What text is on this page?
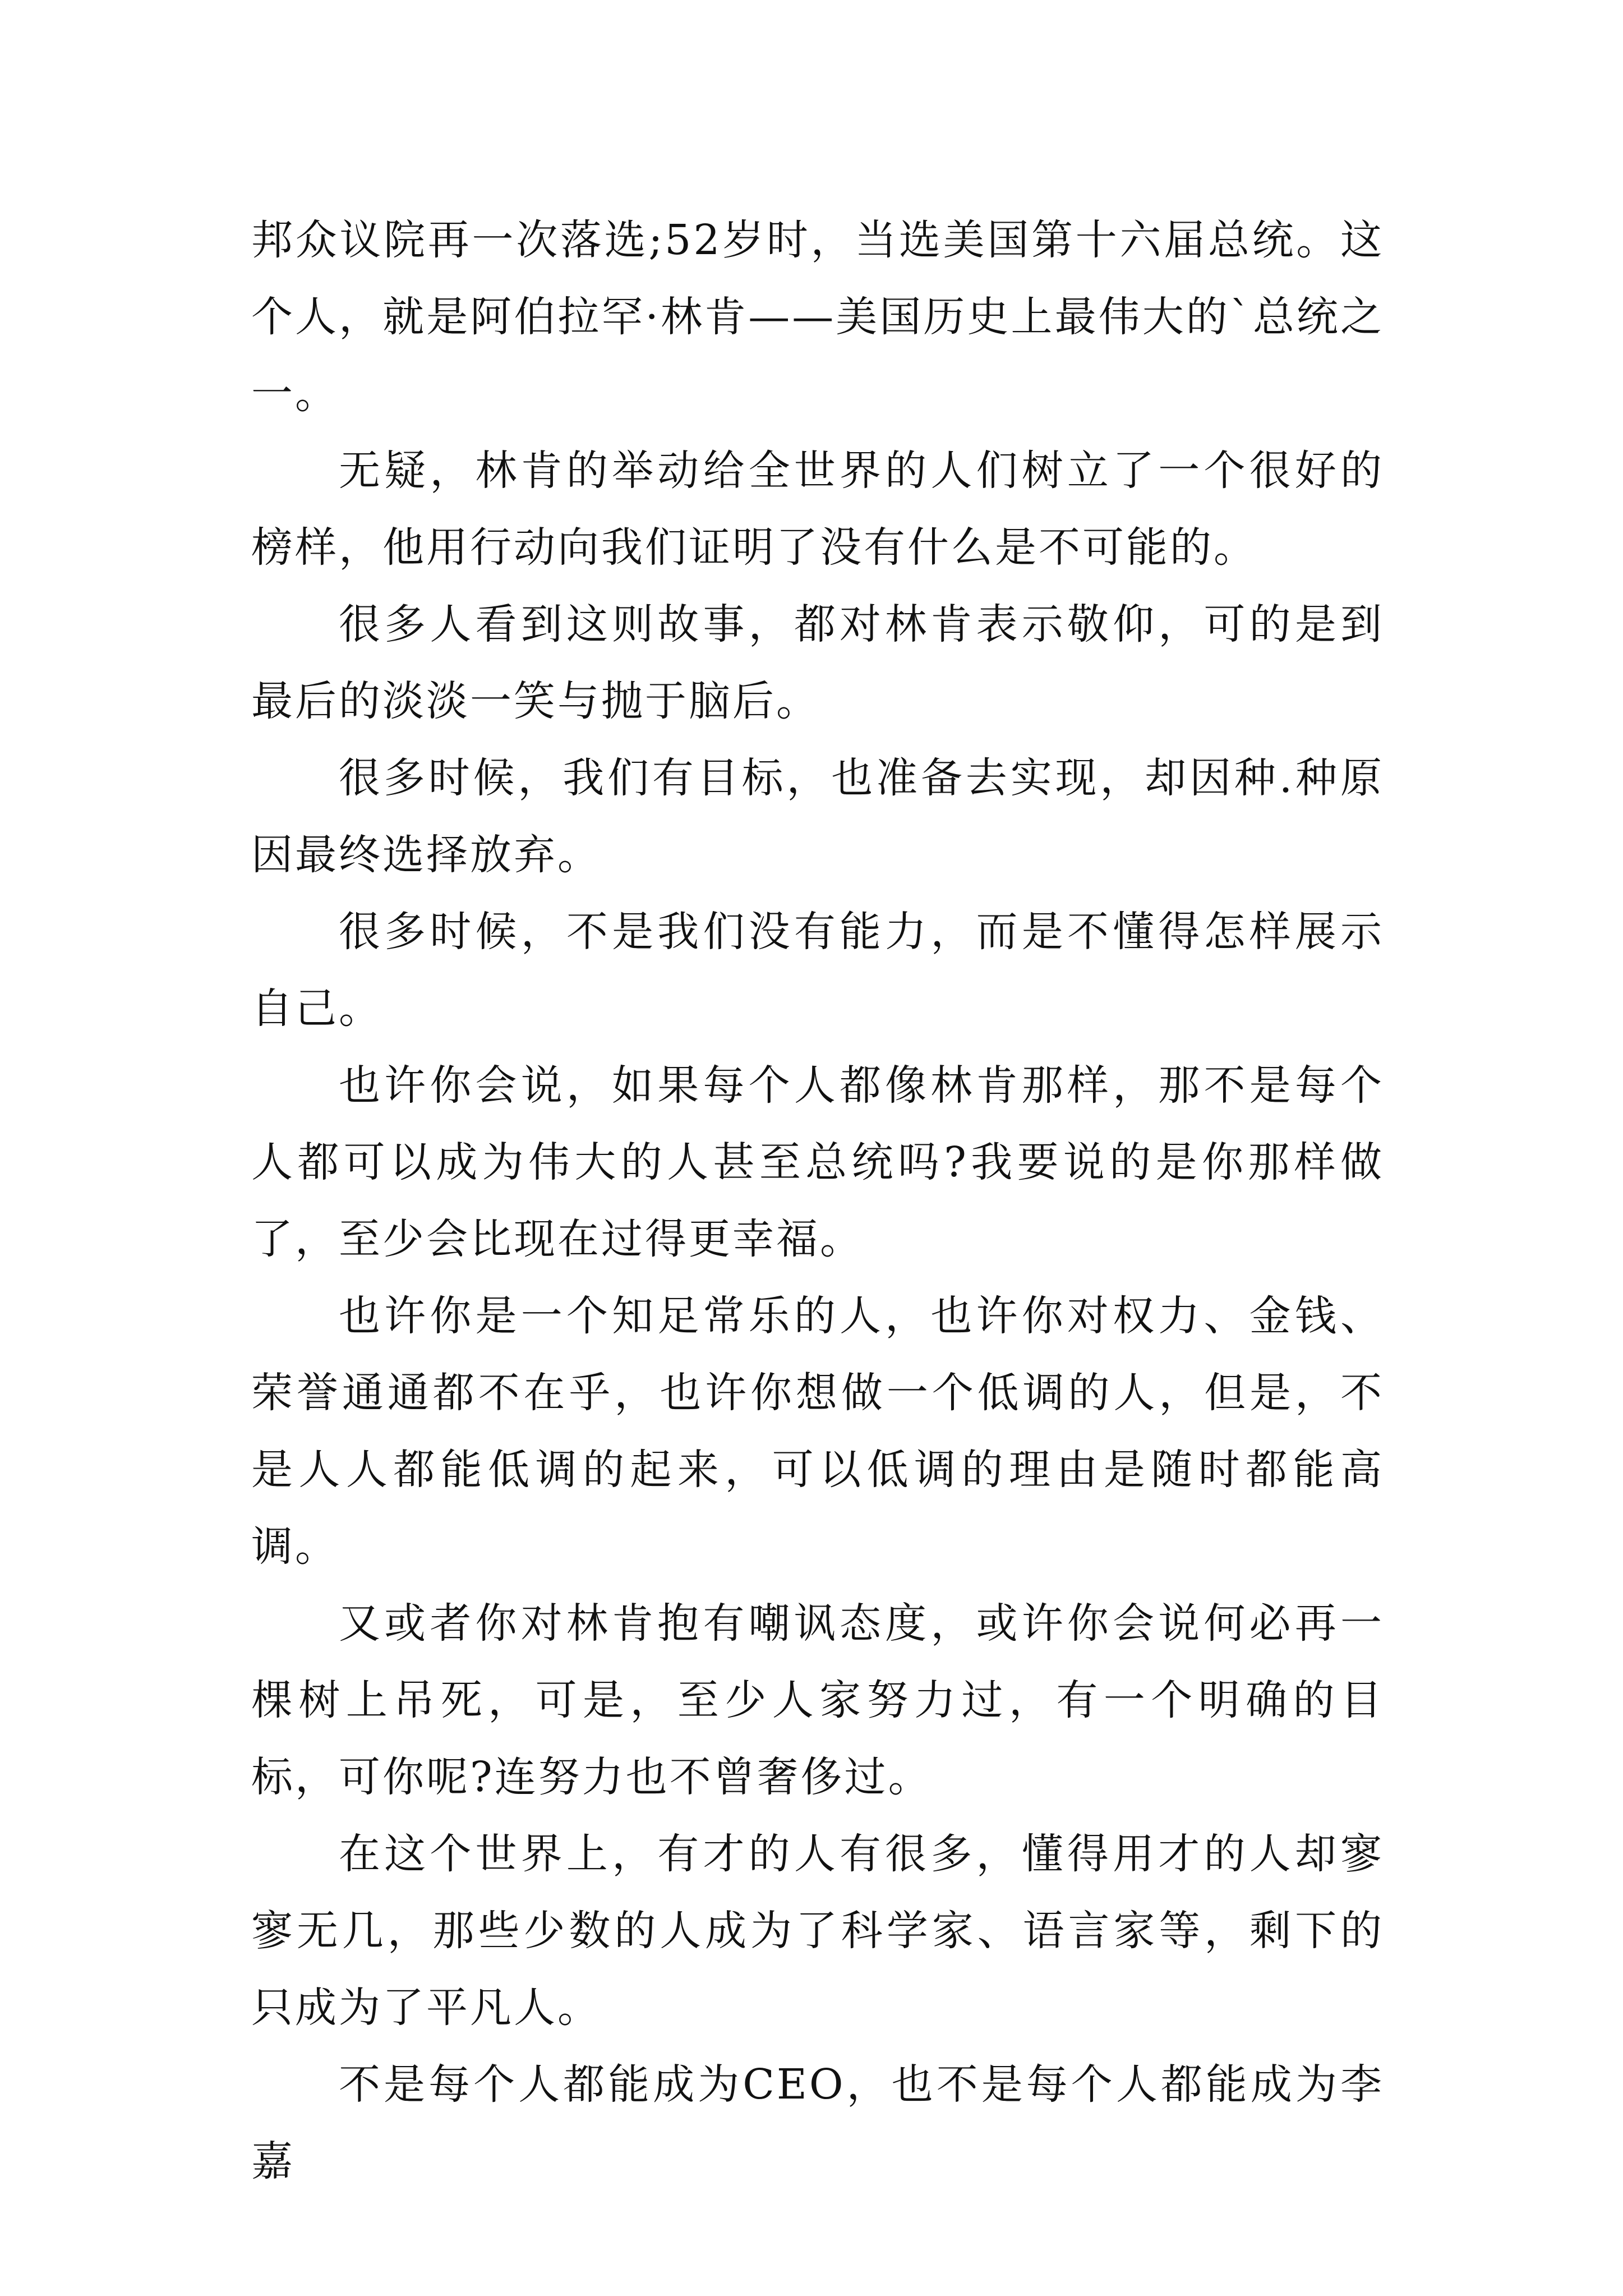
邦众议院再一次落选;52岁时，当选美国第十六届总统。这个人，就是阿伯拉罕·林肯——美国历史上最伟大的`总统之一。

无疑，林肯的举动给全世界的人们树立了一个很好的榜样，他用行动向我们证明了没有什么是不可能的。

很多人看到这则故事，都对林肯表示敬仰，可的是到最后的淡淡一笑与抛于脑后。

很多时候，我们有目标，也准备去实现，却因种.种原因最终选择放弃。

很多时候，不是我们没有能力，而是不懂得怎样展示自己。

也许你会说，如果每个人都像林肯那样，那不是每个人都可以成为伟大的人甚至总统吗?我要说的是你那样做了，至少会比现在过得更幸福。

也许你是一个知足常乐的人，也许你对权力、金钱、荣誉通通都不在乎，也许你想做一个低调的人，但是，不是人人都能低调的起来，可以低调的理由是随时都能高调。

又或者你对林肯抱有嘲讽态度，或许你会说何必再一棵树上吊死，可是，至少人家努力过，有一个明确的目标，可你呢?连努力也不曾奢侈过。

在这个世界上，有才的人有很多，懂得用才的人却寥寥无几，那些少数的人成为了科学家、语言家等，剩下的只成为了平凡人。

不是每个人都能成为CEO，也不是每个人都能成为李嘉
